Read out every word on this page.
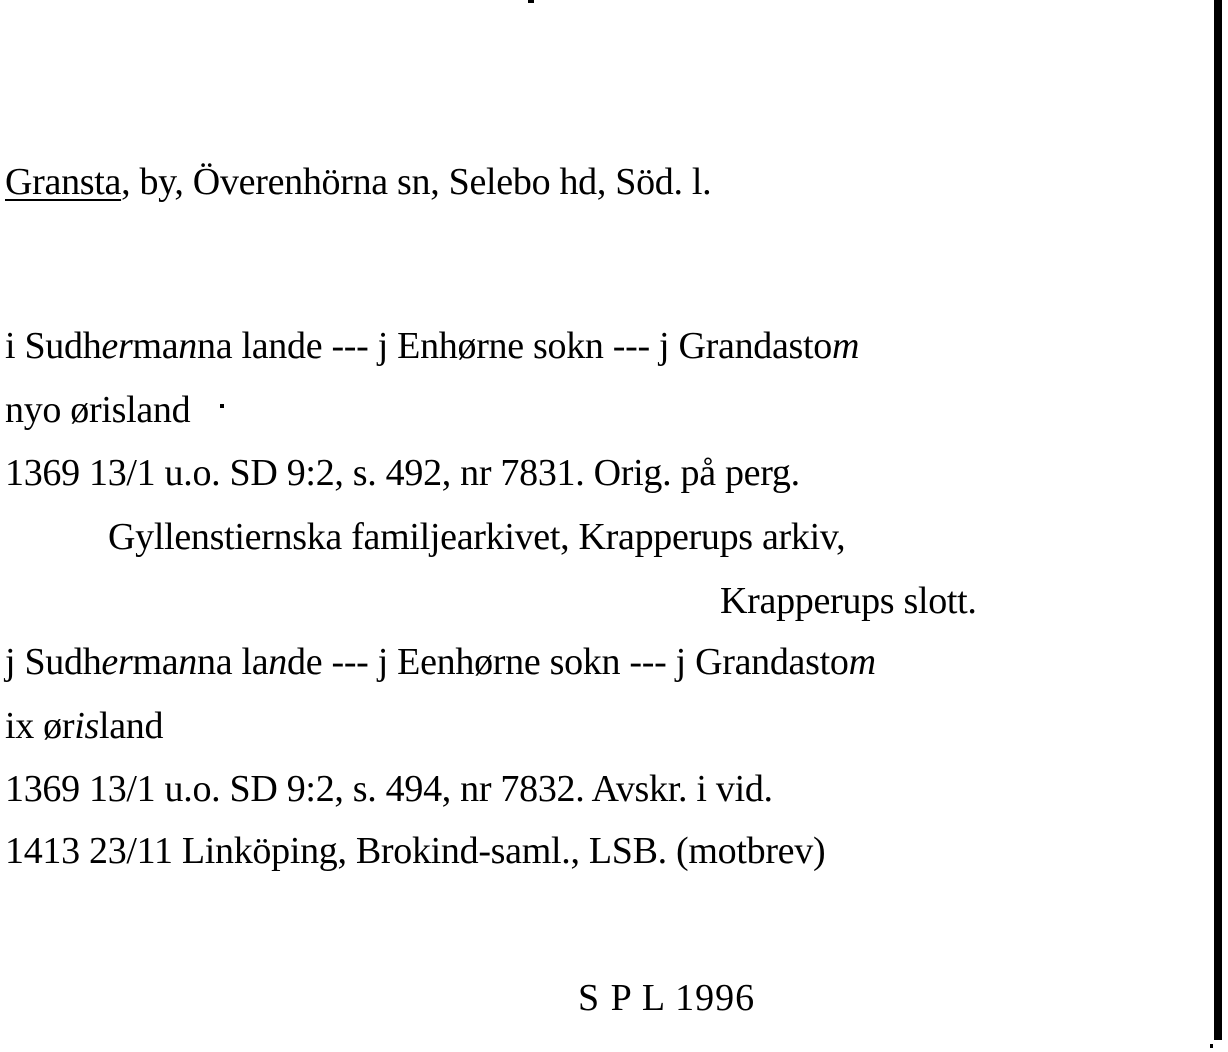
Gransta, by, Överenhörna sn, Selebo hd, Söd. l.
i Sudhermanna lande --- j Enhørne sokn --- j Grandastom
nyo ørisland
1369 13/1 u.o. SD 9:2, s. 492, nr 7831. Orig. på perg.
Gyllenstiernska familjearkivet, Krapperups arkiv,
Krapperups slott.
j Sudhermanna lande --- j Eenhørne sokn --- j Grandastom
ix ørisland
1369 13/1 u.o. SD 9:2, s. 494, nr 7832. Avskr. i vid.
1413 23/11 Linköping, Brokind-saml., LSB. (motbrev)
S P L 1996
